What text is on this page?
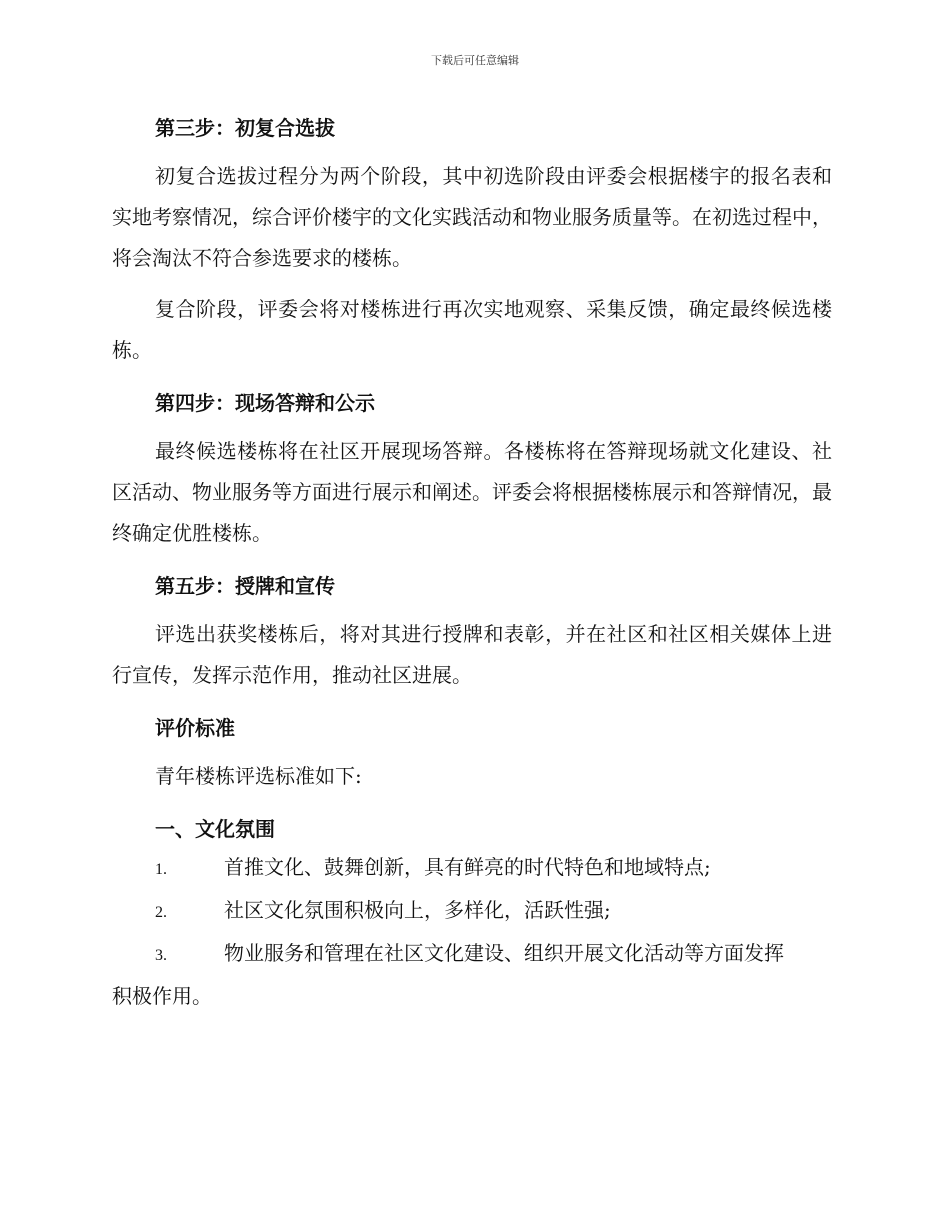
下载后可任意编辑
第三步：初复合选拔

初复合选拔过程分为两个阶段，其中初选阶段由评委会根据楼宇的报名表和实地考察情况，综合评价楼宇的文化实践活动和物业服务质量等。在初选过程中，将会淘汰不符合参选要求的楼栋。

复合阶段，评委会将对楼栋进行再次实地观察、采集反馈，确定最终候选楼栋。

第四步：现场答辩和公示

最终候选楼栋将在社区开展现场答辩。各楼栋将在答辩现场就文化建设、社区活动、物业服务等方面进行展示和阐述。评委会将根据楼栋展示和答辩情况，最终确定优胜楼栋。

第五步：授牌和宣传

评选出获奖楼栋后，将对其进行授牌和表彰，并在社区和社区相关媒体上进行宣传，发挥示范作用，推动社区进展。

评价标准

青年楼栋评选标准如下:

一、文化氛围

1.	首推文化、鼓舞创新，具有鲜亮的时代特色和地域特点;

2.	社区文化氛围积极向上，多样化，活跃性强;

3.	物业服务和管理在社区文化建设、组织开展文化活动等方面发挥

积极作用。
